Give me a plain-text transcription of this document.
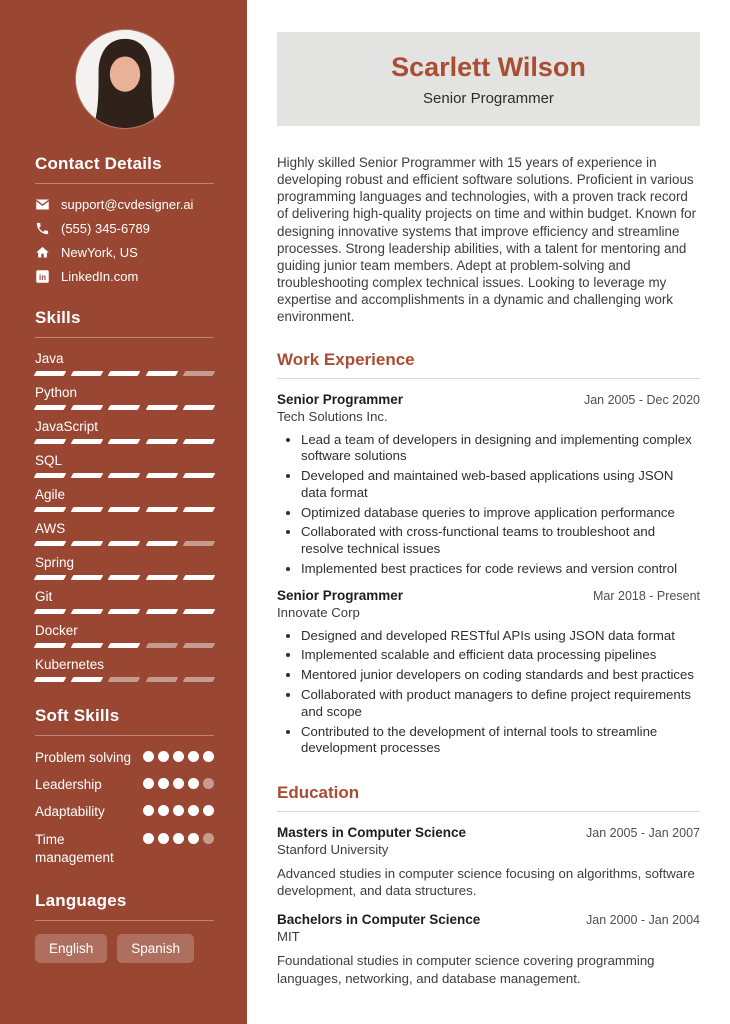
Contact Details
support@cvdesigner.ai
(555) 345-6789
NewYork, US
in LinkedIn.com
Skills
Java
Python
JavaScript
SQL
Agile
AWS
Spring
Git
Docker
Kubernetes
Soft Skills
Problem solving
Leadership
Adaptability
Time management
Languages
English	Spanish
Scarlett Wilson

Senior Programmer

Highly skilled Senior Programmer with 15 years of experience in developing robust and efficient software solutions. Proficient in various programming languages and technologies, with a proven track record of delivering high-quality projects on time and within budget. Known for designing innovative systems that improve efficiency and streamline processes. Strong leadership abilities, with a talent for mentoring and guiding junior team members. Adept at problem-solving and troubleshooting complex technical issues. Looking to leverage my expertise and accomplishments in a dynamic and challenging work environment.

Work Experience
Senior Programmer	Jan 2005 - Dec 2020
Tech Solutions Inc.
• Lead a team of developers in designing and implementing complex software solutions
• Developed and maintained web-based applications using JSON data format
• Optimized database queries to improve application performance
• Collaborated with cross-functional teams to troubleshoot and resolve technical issues
• Implemented best practices for code reviews and version control
Senior Programmer	Mar 2018 - Present
Innovate Corp
• Designed and developed RESTful APIs using JSON data format
• Implemented scalable and efficient data processing pipelines
• Mentored junior developers on coding standards and best practices
• Collaborated with product managers to define project requirements and scope
• Contributed to the development of internal tools to streamline development processes
Education
Masters in Computer Science	Jan 2005 - Jan 2007
Stanford University

Advanced studies in computer science focusing on algorithms, software development, and data structures.

Bachelors in Computer Science	Jan 2000 - Jan 2004
MIT

Foundational studies in computer science covering programming languages, networking, and database management.
